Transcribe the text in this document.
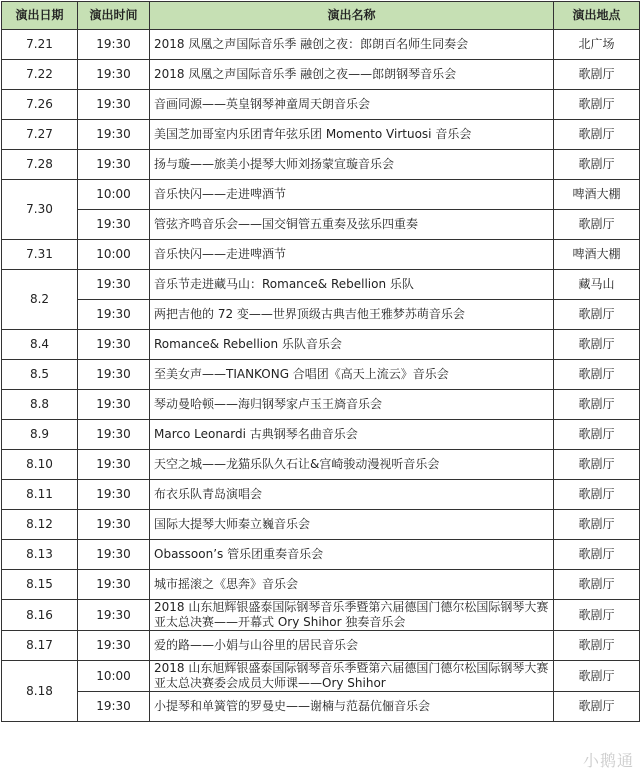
演出日期	演出时间	演出名称	演出地点
7.21	19:30	2018 凤凰之声国际音乐季 融创之夜：郎朗百名师生同奏会	北广场
7.22	19:30	2018 凤凰之声国际音乐季 融创之夜——郎朗钢琴音乐会	歌剧厅
7.26	19:30	音画同源——英皇钢琴神童周天朗音乐会	歌剧厅
7.27	19:30	美国芝加哥室内乐团青年弦乐团 Momento Virtuosi 音乐会	歌剧厅
7.28	19:30	扬与璇——旅美小提琴大师刘扬蒙宣璇音乐会	歌剧厅
7.30	10:00	音乐快闪——走进啤酒节	啤酒大棚
	19:30	管弦齐鸣音乐会——国交铜管五重奏及弦乐四重奏	歌剧厅
7.31	10:00	音乐快闪——走进啤酒节	啤酒大棚
8.2	19:30	音乐节走进藏马山：Romance& Rebellion 乐队	藏马山
	19:30	两把吉他的 72 变——世界顶级古典吉他王雅梦苏萌音乐会	歌剧厅
8.4	19:30	Romance& Rebellion 乐队音乐会	歌剧厅
8.5	19:30	至美女声——TIANKONG 合唱团《高天上流云》音乐会	歌剧厅
8.8	19:30	琴动曼哈顿——海归钢琴家卢玉王旖音乐会	歌剧厅
8.9	19:30	Marco Leonardi 古典钢琴名曲音乐会	歌剧厅
8.10	19:30	天空之城——龙猫乐队久石让&宫崎骏动漫视听音乐会	歌剧厅
8.11	19:30	布衣乐队青岛演唱会	歌剧厅
8.12	19:30	国际大提琴大师秦立巍音乐会	歌剧厅
8.13	19:30	Obassoon’s 管乐团重奏音乐会	歌剧厅
8.15	19:30	城市摇滚之《思奔》音乐会	歌剧厅
8.16	19:30	2018 山东旭辉银盛泰国际钢琴音乐季暨第六届德国门德尔松国际钢琴大赛亚太总决赛——开幕式 Ory Shihor 独奏音乐会	歌剧厅
8.17	19:30	爱的路——小娟与山谷里的居民音乐会	歌剧厅
8.18	10:00	2018 山东旭辉银盛泰国际钢琴音乐季暨第六届德国门德尔松国际钢琴大赛亚太总决赛委会成员大师课——Ory Shihor	歌剧厅
	19:30	小提琴和单簧管的罗曼史——谢楠与范磊伉俪音乐会	歌剧厅
小鹅通
